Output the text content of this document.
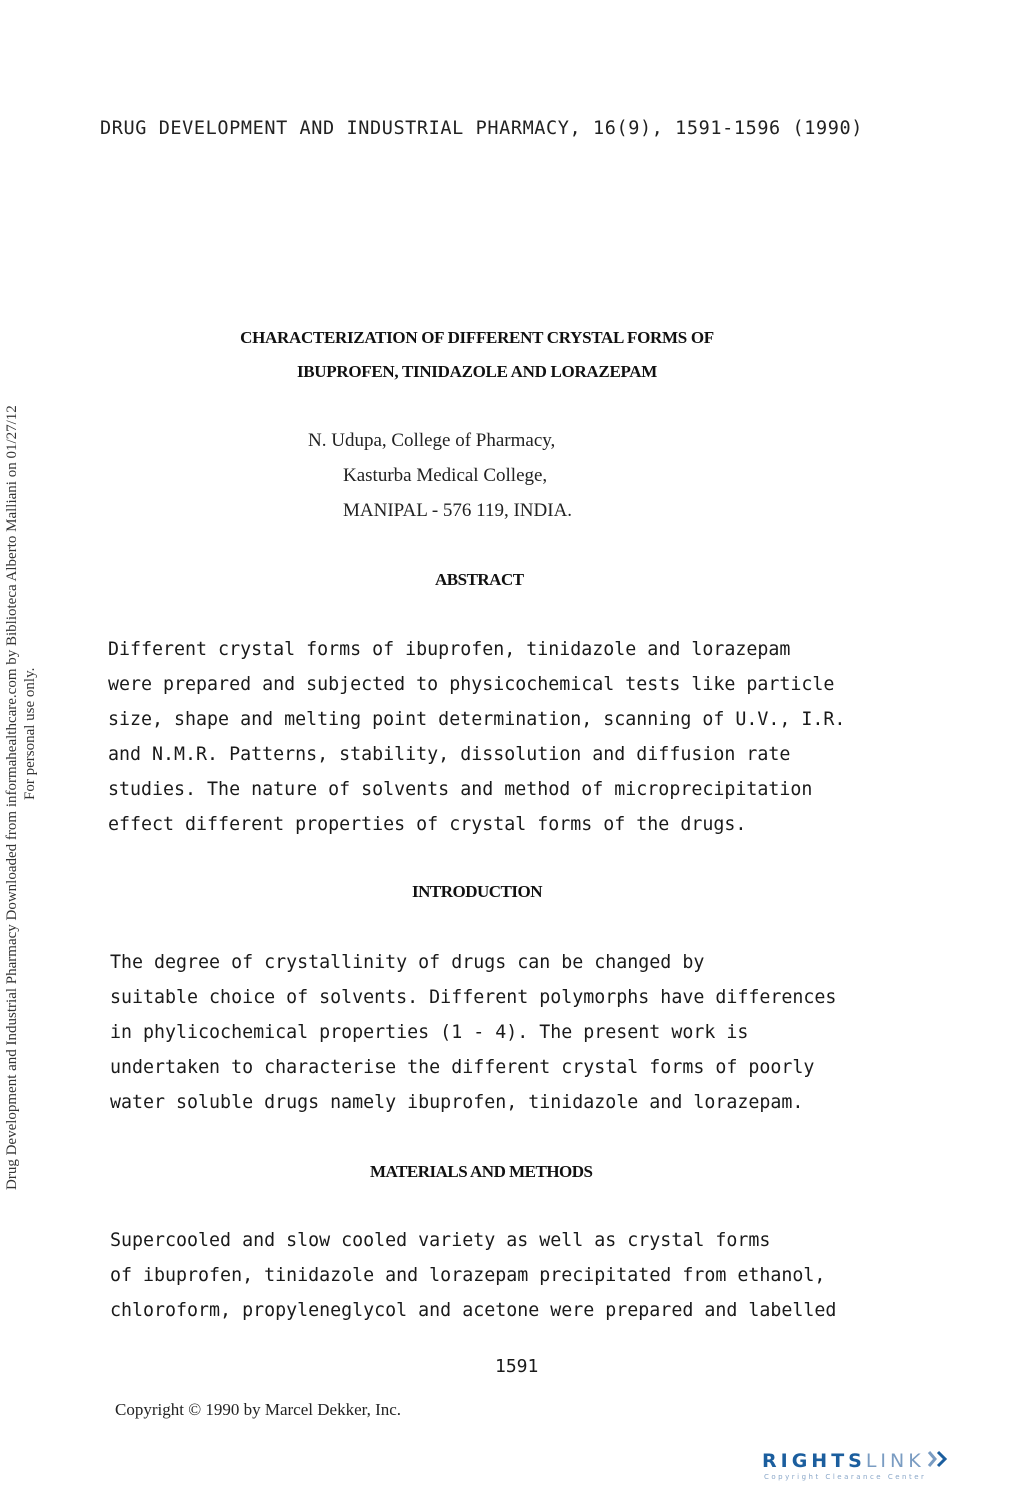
Drug Development and Industrial Pharmacy Downloaded from informahealthcare.com by Biblioteca Alberto Malliani on 01/27/12 For personal use only.
DRUG DEVELOPMENT AND INDUSTRIAL PHARMACY, 16(9), 1591-1596 (1990)
CHARACTERIZATION OF DIFFERENT CRYSTAL FORMS OF
IBUPROFEN, TINIDAZOLE AND LORAZEPAM
N. Udupa, College of Pharmacy,
Kasturba Medical College,
MANIPAL - 576 119, INDIA.
ABSTRACT
Different crystal forms of ibuprofen, tinidazole and lorazepam
were prepared and subjected to physicochemical tests like particle
size, shape and melting point determination, scanning of U.V., I.R.
and N.M.R. Patterns, stability, dissolution and diffusion rate
studies. The nature of solvents and method of microprecipitation
effect different properties of crystal forms of the drugs.
INTRODUCTION
The degree of crystallinity of drugs can be changed by
suitable choice of solvents. Different polymorphs have differences
in phylicochemical properties (1 - 4). The present work is
undertaken to characterise the different crystal forms of poorly
water soluble drugs namely ibuprofen, tinidazole and lorazepam.
MATERIALS AND METHODS
Supercooled and slow cooled variety as well as crystal forms
of ibuprofen, tinidazole and lorazepam precipitated from ethanol,
chloroform, propyleneglycol and acetone were prepared and labelled
1591
Copyright © 1990 by Marcel Dekker, Inc.
RIGHTSLINK
Copyright Clearance Center
